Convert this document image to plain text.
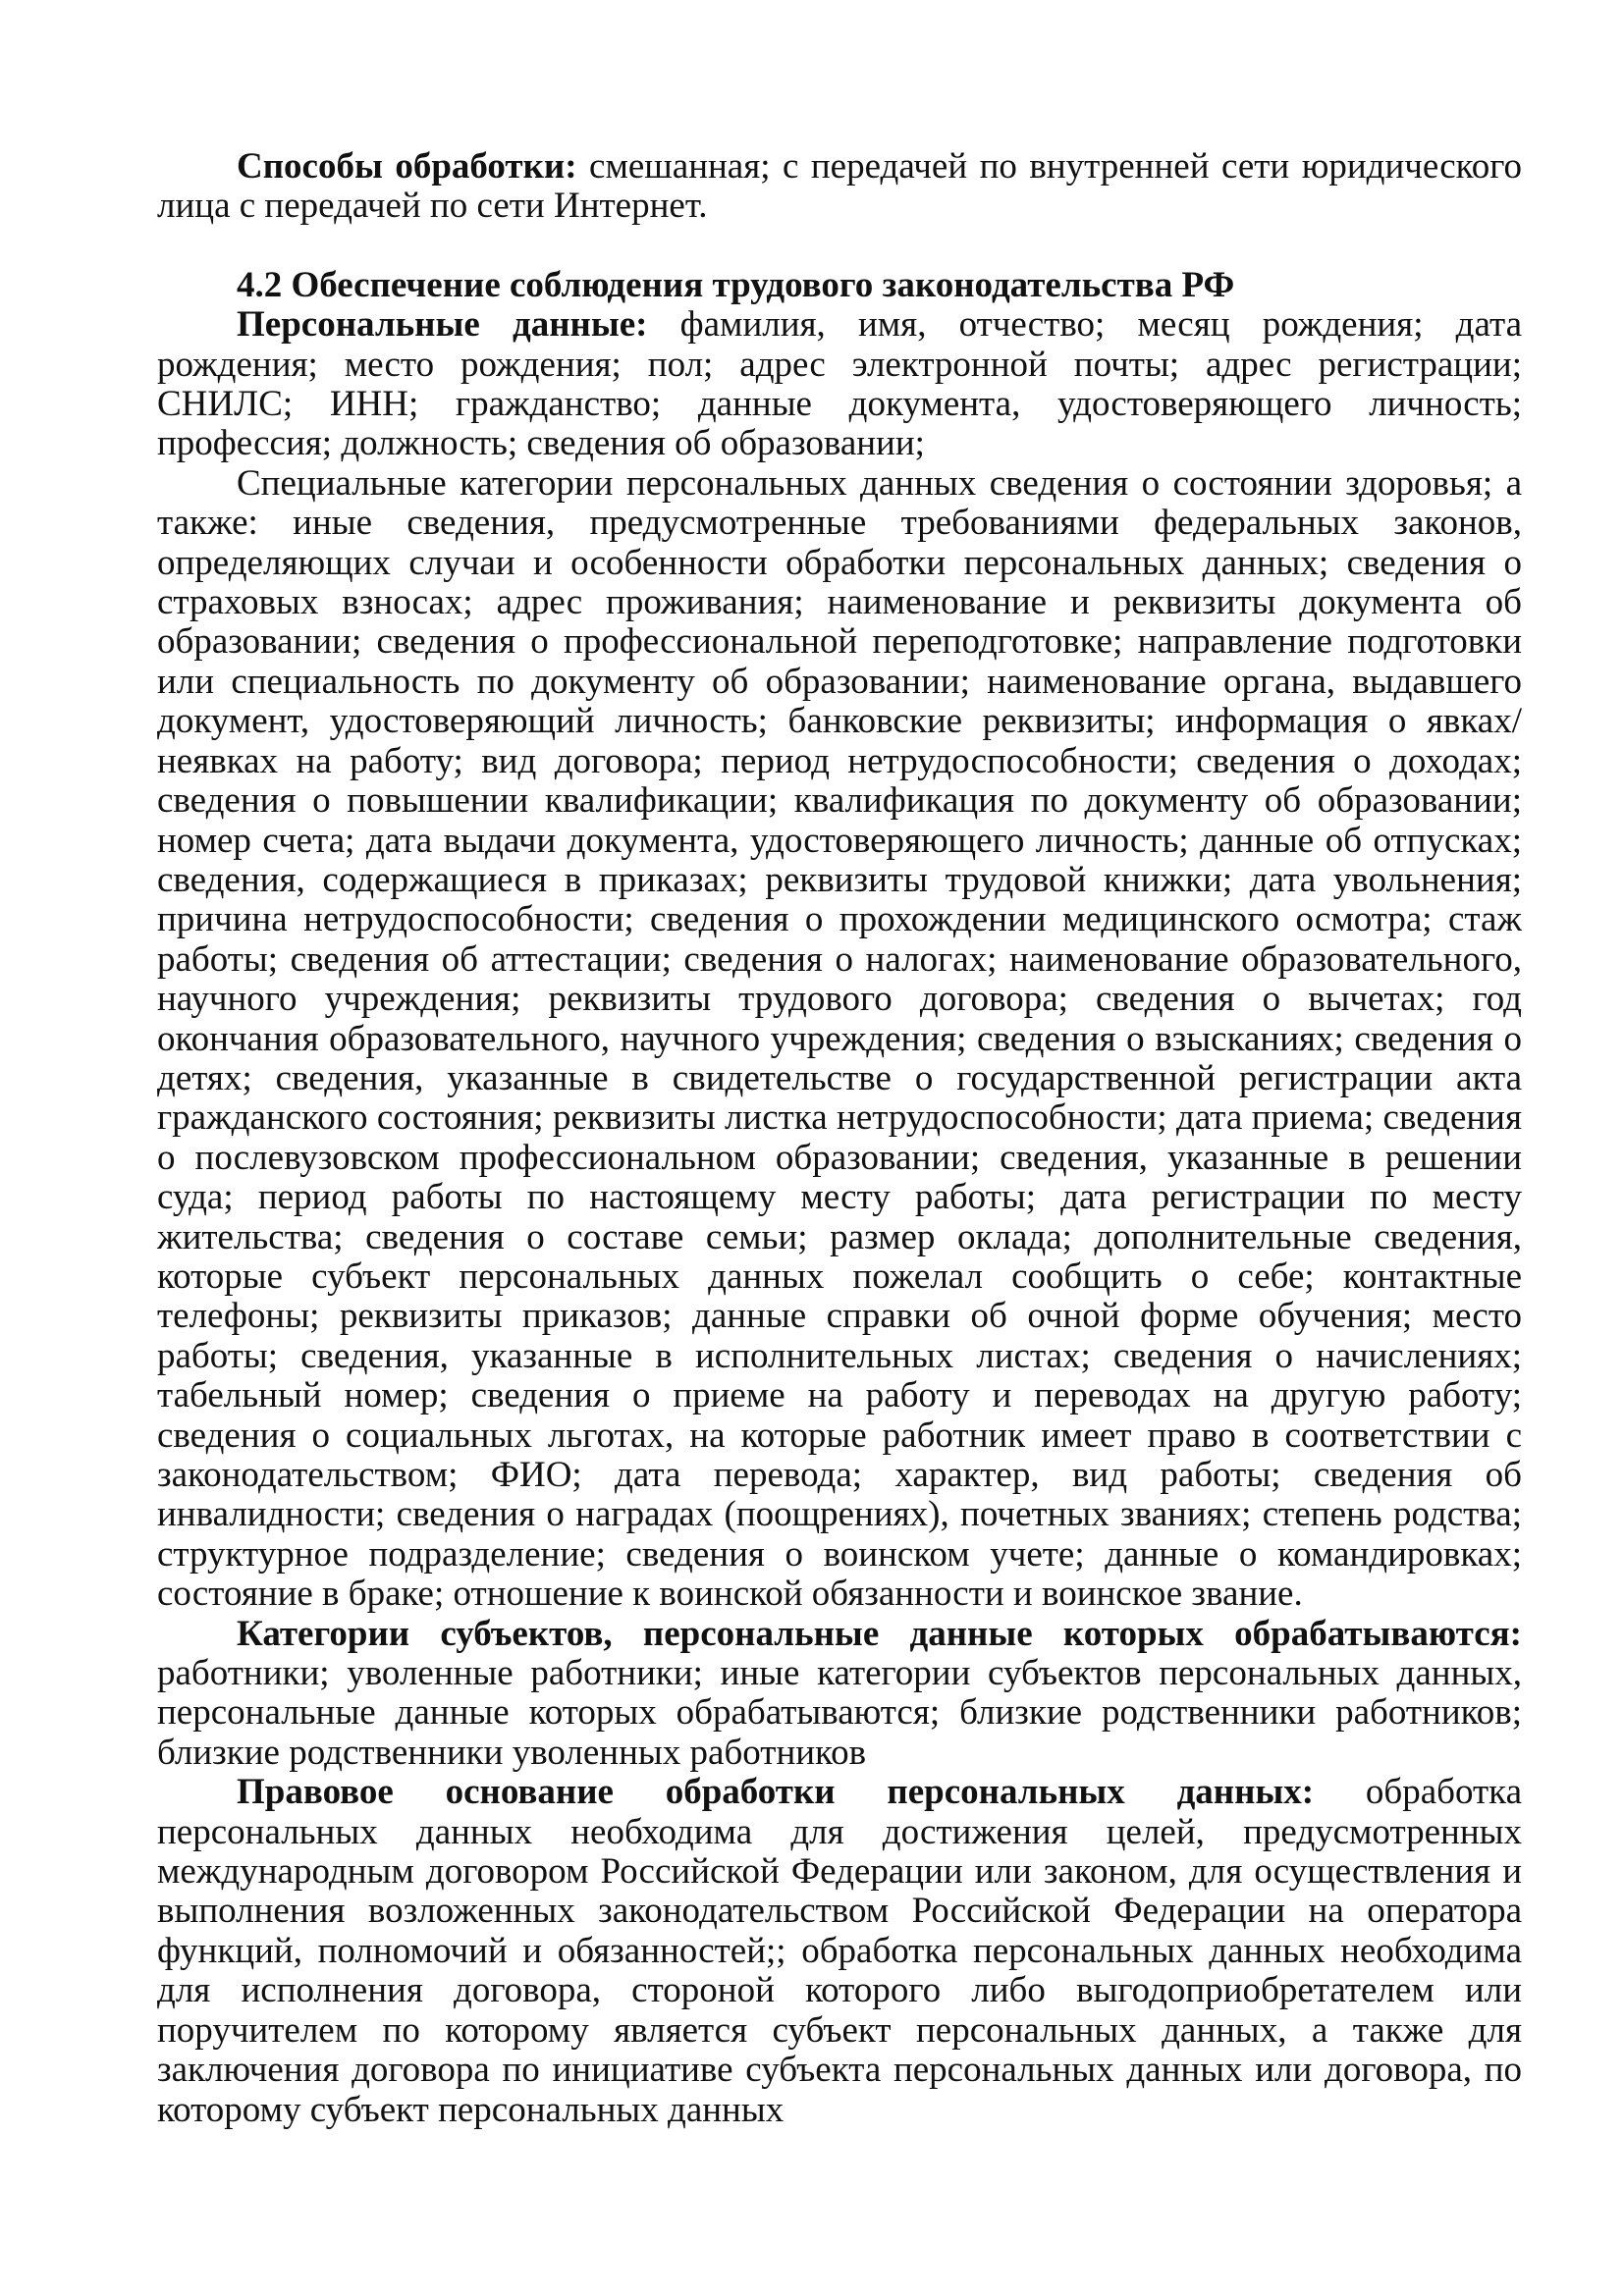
Способы обработки: смешанная; с передачей по внутренней сети юридического лица с передачей по сети Интернет.

4.2 Обеспечение соблюдения трудового законодательства РФ

Персональные данные: фамилия, имя, отчество; месяц рождения; дата рождения; место рождения; пол; адрес электронной почты; адрес регистрации; СНИЛС; ИНН; гражданство; данные документа, удостоверяющего личность; профессия; должность; сведения об образовании;

Специальные категории персональных данных сведения о состоянии здоровья; а также: иные сведения, предусмотренные требованиями федеральных законов, определяющих случаи и особенности обработки персональных данных; сведения о страховых взносах; адрес проживания; наименование и реквизиты документа об образовании; сведения о профессиональной переподготовке; направление подготовки или специальность по документу об образовании; наименование органа, выдавшего документ, удостоверяющий личность; банковские реквизиты; информация о явках/неявках на работу; вид договора; период нетрудоспособности; сведения о доходах; сведения о повышении квалификации; квалификация по документу об образовании; номер счета; дата выдачи документа, удостоверяющего личность; данные об отпусках; сведения, содержащиеся в приказах; реквизиты трудовой книжки; дата увольнения; причина нетрудоспособности; сведения о прохождении медицинского осмотра; стаж работы; сведения об аттестации; сведения о налогах; наименование образовательного, научного учреждения; реквизиты трудового договора; сведения о вычетах; год окончания образовательного, научного учреждения; сведения о взысканиях; сведения о детях; сведения, указанные в свидетельстве о государственной регистрации акта гражданского состояния; реквизиты листка нетрудоспособности; дата приема; сведения о послевузовском профессиональном образовании; сведения, указанные в решении суда; период работы по настоящему месту работы; дата регистрации по месту жительства; сведения о составе семьи; размер оклада; дополнительные сведения, которые субъект персональных данных пожелал сообщить о себе; контактные телефоны; реквизиты приказов; данные справки об очной форме обучения; место работы; сведения, указанные в исполнительных листах; сведения о начислениях; табельный номер; сведения о приеме на работу и переводах на другую работу; сведения о социальных льготах, на которые работник имеет право в соответствии с законодательством; ФИО; дата перевода; характер, вид работы; сведения об инвалидности; сведения о наградах (поощрениях), почетных званиях; степень родства; структурное подразделение; сведения о воинском учете; данные о командировках; состояние в браке; отношение к воинской обязанности и воинское звание.

Категории субъектов, персональные данные которых обрабатываются: работники; уволенные работники; иные категории субъектов персональных данных, персональные данные которых обрабатываются; близкие родственники работников; близкие родственники уволенных работников

Правовое основание обработки персональных данных: обработка персональных данных необходима для достижения целей, предусмотренных международным договором Российской Федерации или законом, для осуществления и выполнения возложенных законодательством Российской Федерации на оператора функций, полномочий и обязанностей;; обработка персональных данных необходима для исполнения договора, стороной которого либо выгодоприобретателем или поручителем по которому является субъект персональных данных, а также для заключения договора по инициативе субъекта персональных данных или договора, по которому субъект персональных данных
